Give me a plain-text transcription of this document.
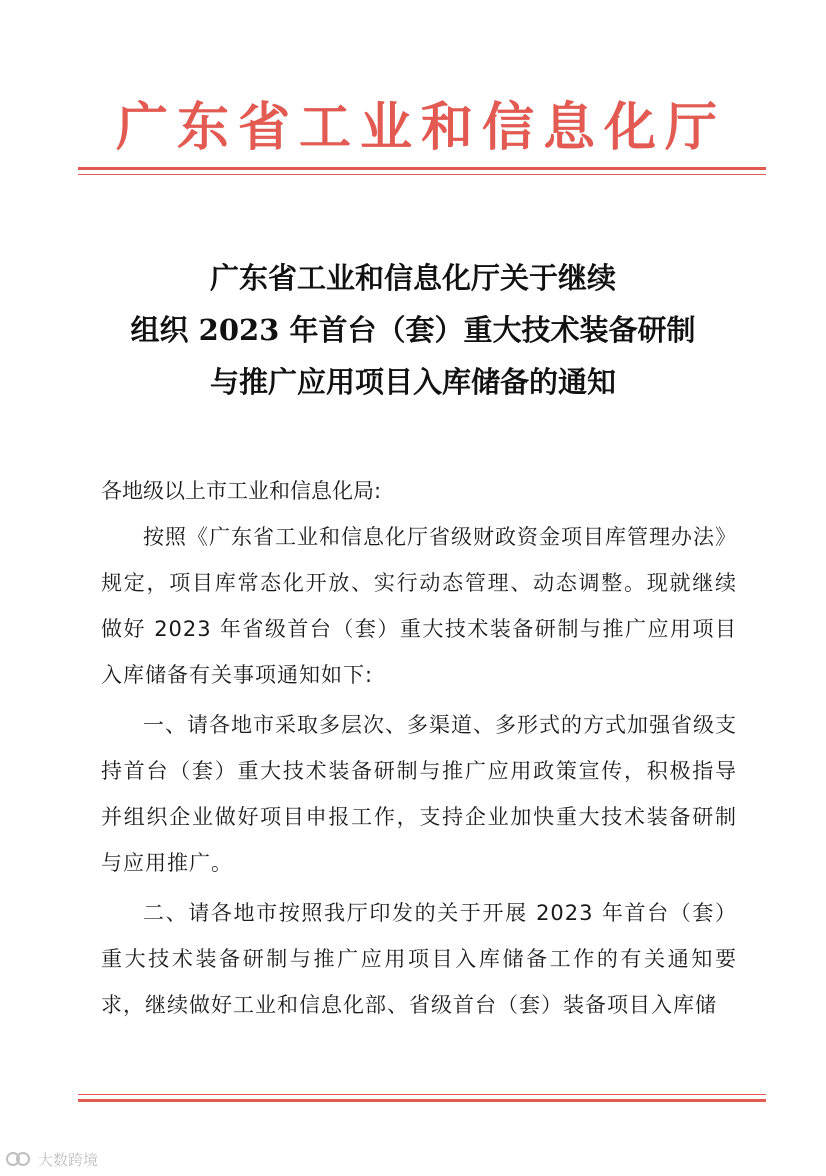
广东省工业和信息化厅
广东省工业和信息化厅关于继续
组织 2023 年首台（套）重大技术装备研制
与推广应用项目入库储备的通知

各地级以上市工业和信息化局:

按照《广东省工业和信息化厅省级财政资金项目库管理办法》规定，项目库常态化开放、实行动态管理、动态调整。现就继续做好 2023 年省级首台（套）重大技术装备研制与推广应用项目入库储备有关事项通知如下:

一、请各地市采取多层次、多渠道、多形式的方式加强省级支持首台（套）重大技术装备研制与推广应用政策宣传，积极指导并组织企业做好项目申报工作，支持企业加快重大技术装备研制与应用推广。

二、请各地市按照我厅印发的关于开展 2023 年首台（套）重大技术装备研制与推广应用项目入库储备工作的有关通知要求，继续做好工业和信息化部、省级首台（套）装备项目入库储

大数跨境
